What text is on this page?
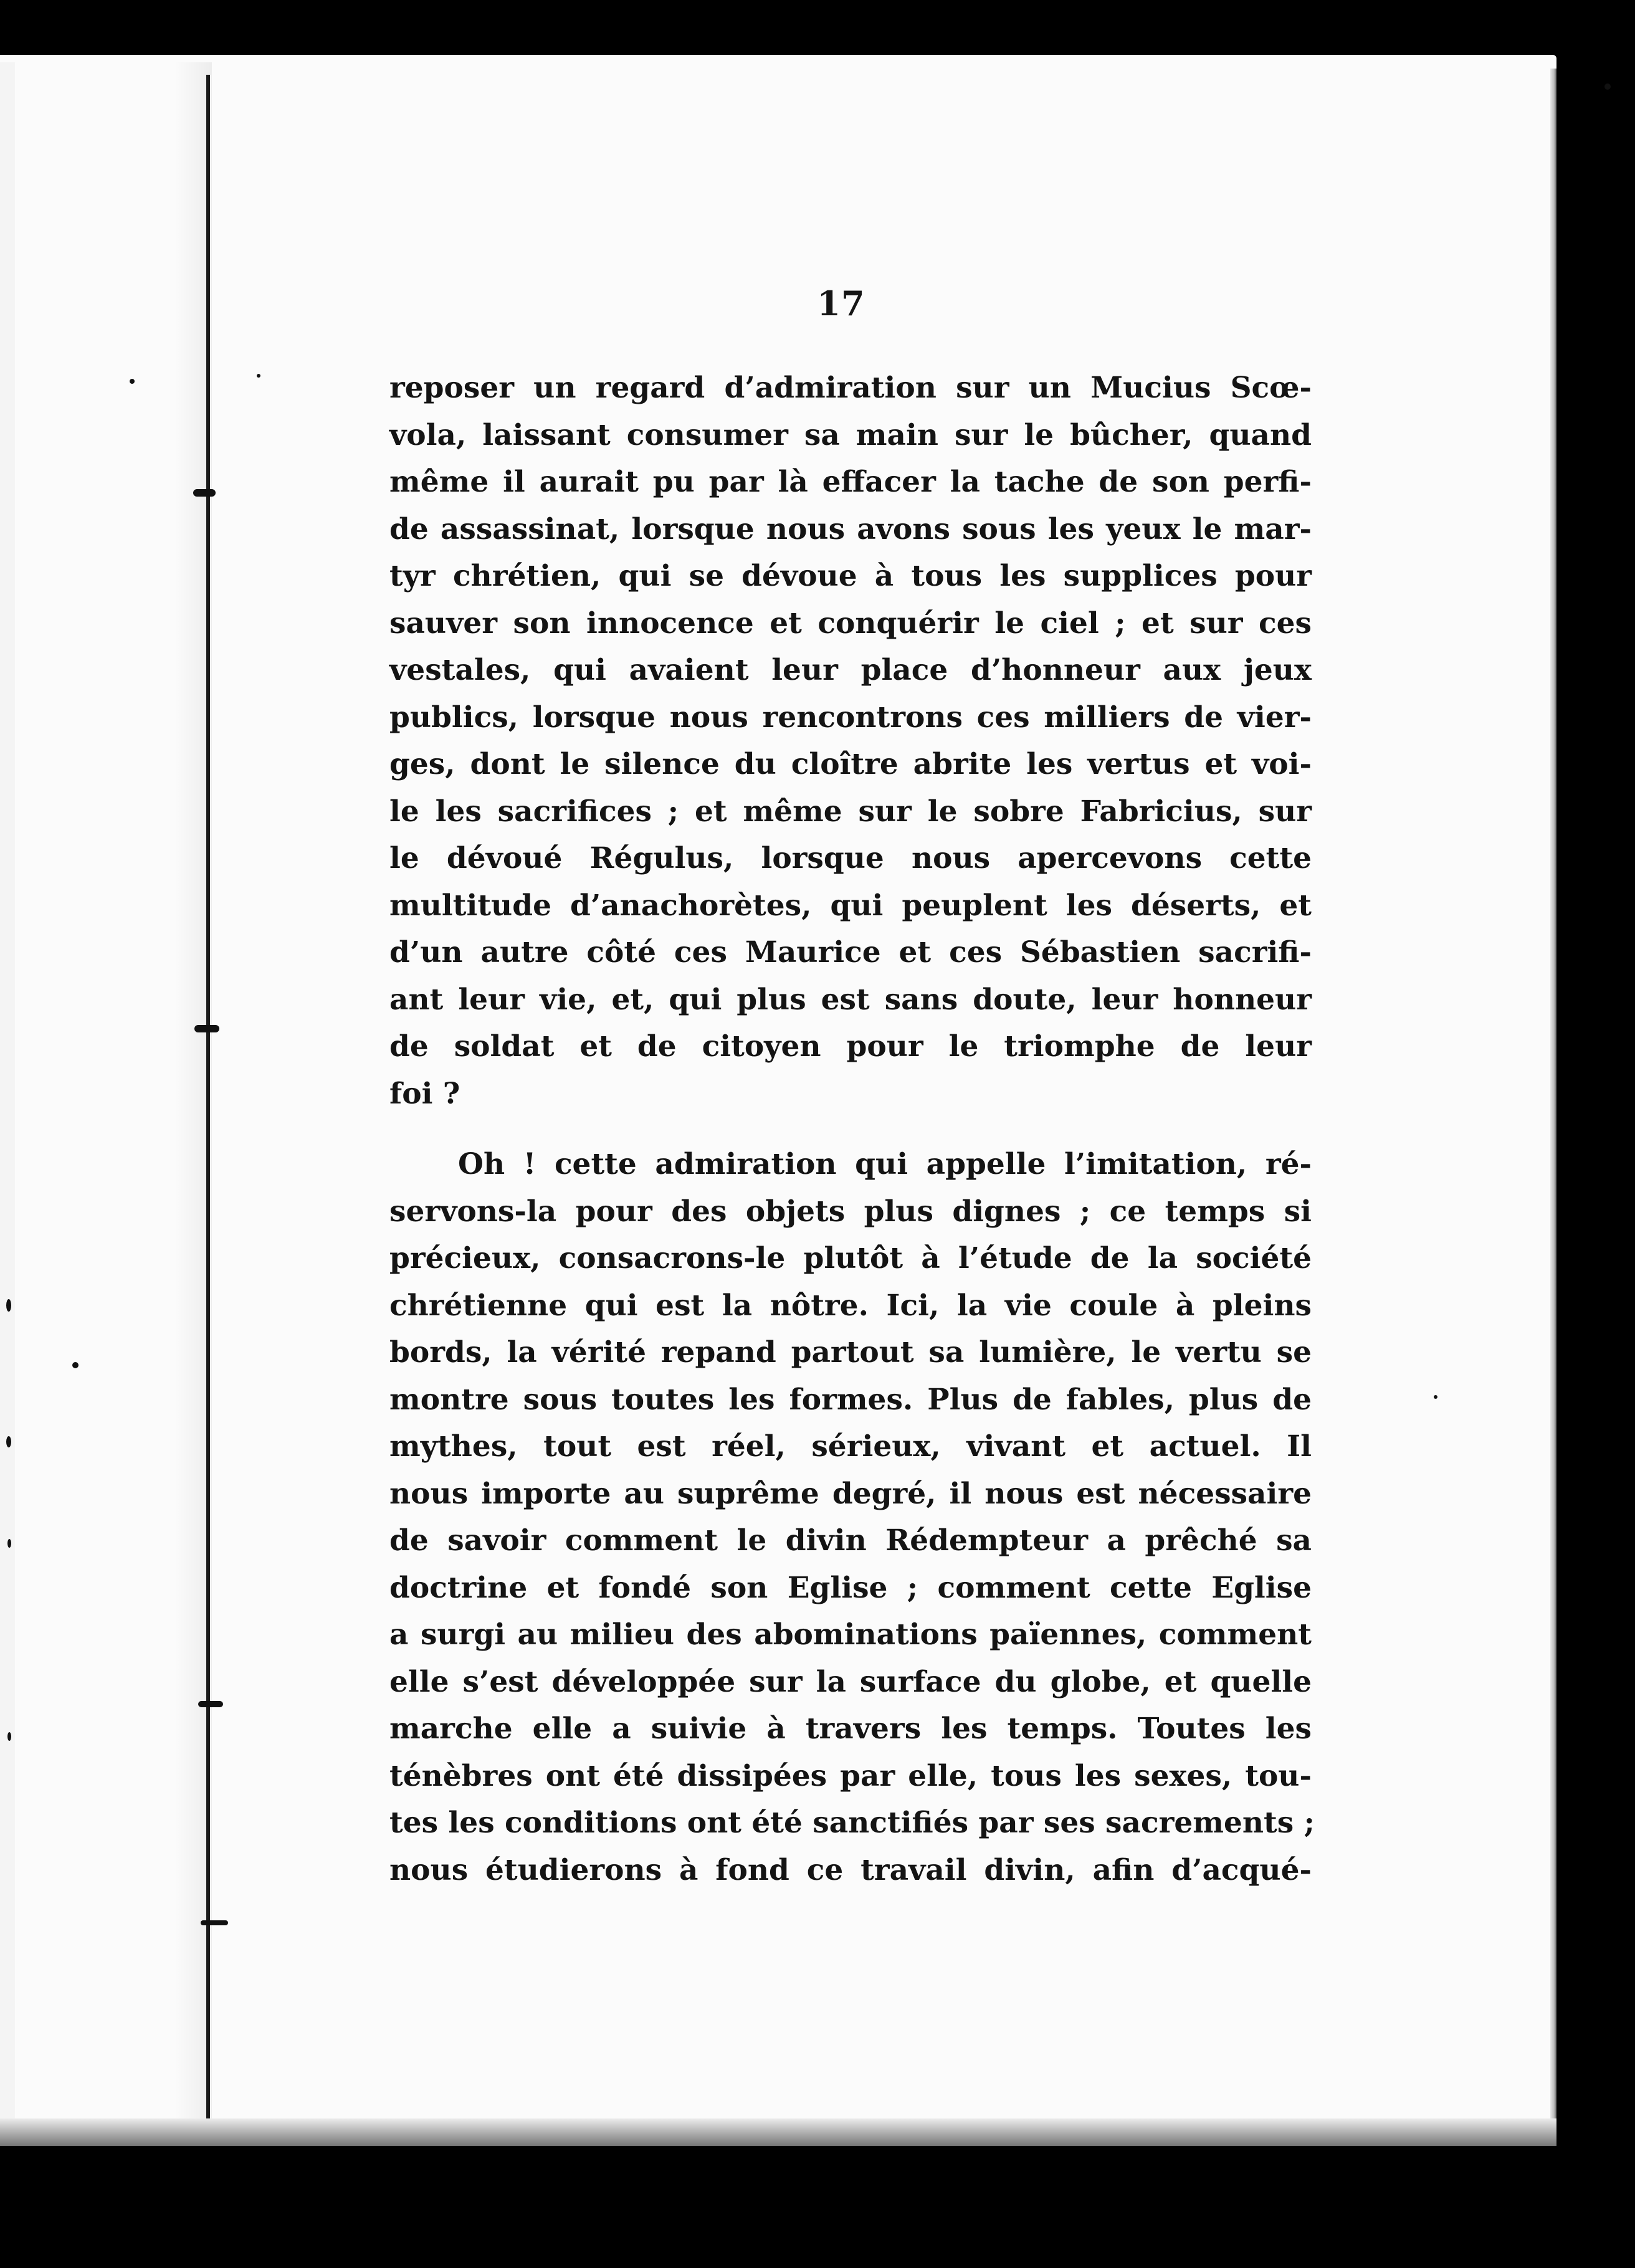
17
reposer un regard d’admiration sur un Mucius Scœ-
vola, laissant consumer sa main sur le bûcher, quand
même il aurait pu par là effacer la tache de son perfi-
de assassinat, lorsque nous avons sous les yeux le mar-
tyr chrétien, qui se dévoue à tous les supplices pour
sauver son innocence et conquérir le ciel ; et sur ces
vestales, qui avaient leur place d’honneur aux jeux
publics, lorsque nous rencontrons ces milliers de vier-
ges, dont le silence du cloître abrite les vertus et voi-
le les sacrifices ; et même sur le sobre Fabricius, sur
le dévoué Régulus, lorsque nous apercevons cette
multitude d’anachorètes, qui peuplent les déserts, et
d’un autre côté ces Maurice et ces Sébastien sacrifi-
ant leur vie, et, qui plus est sans doute, leur honneur
de soldat et de citoyen pour le triomphe de leur
foi ?
Oh ! cette admiration qui appelle l’imitation, ré-
servons-la pour des objets plus dignes ; ce temps si
précieux, consacrons-le plutôt à l’étude de la société
chrétienne qui est la nôtre. Ici, la vie coule à pleins
bords, la vérité repand partout sa lumière, le vertu se
montre sous toutes les formes. Plus de fables, plus de
mythes, tout est réel, sérieux, vivant et actuel. Il
nous importe au suprême degré, il nous est nécessaire
de savoir comment le divin Rédempteur a prêché sa
doctrine et fondé son Eglise ; comment cette Eglise
a surgi au milieu des abominations païennes, comment
elle s’est développée sur la surface du globe, et quelle
marche elle a suivie à travers les temps. Toutes les
ténèbres ont été dissipées par elle, tous les sexes, tou-
tes les conditions ont été sanctifiés par ses sacrements ;
nous étudierons à fond ce travail divin, afin d’acqué-
